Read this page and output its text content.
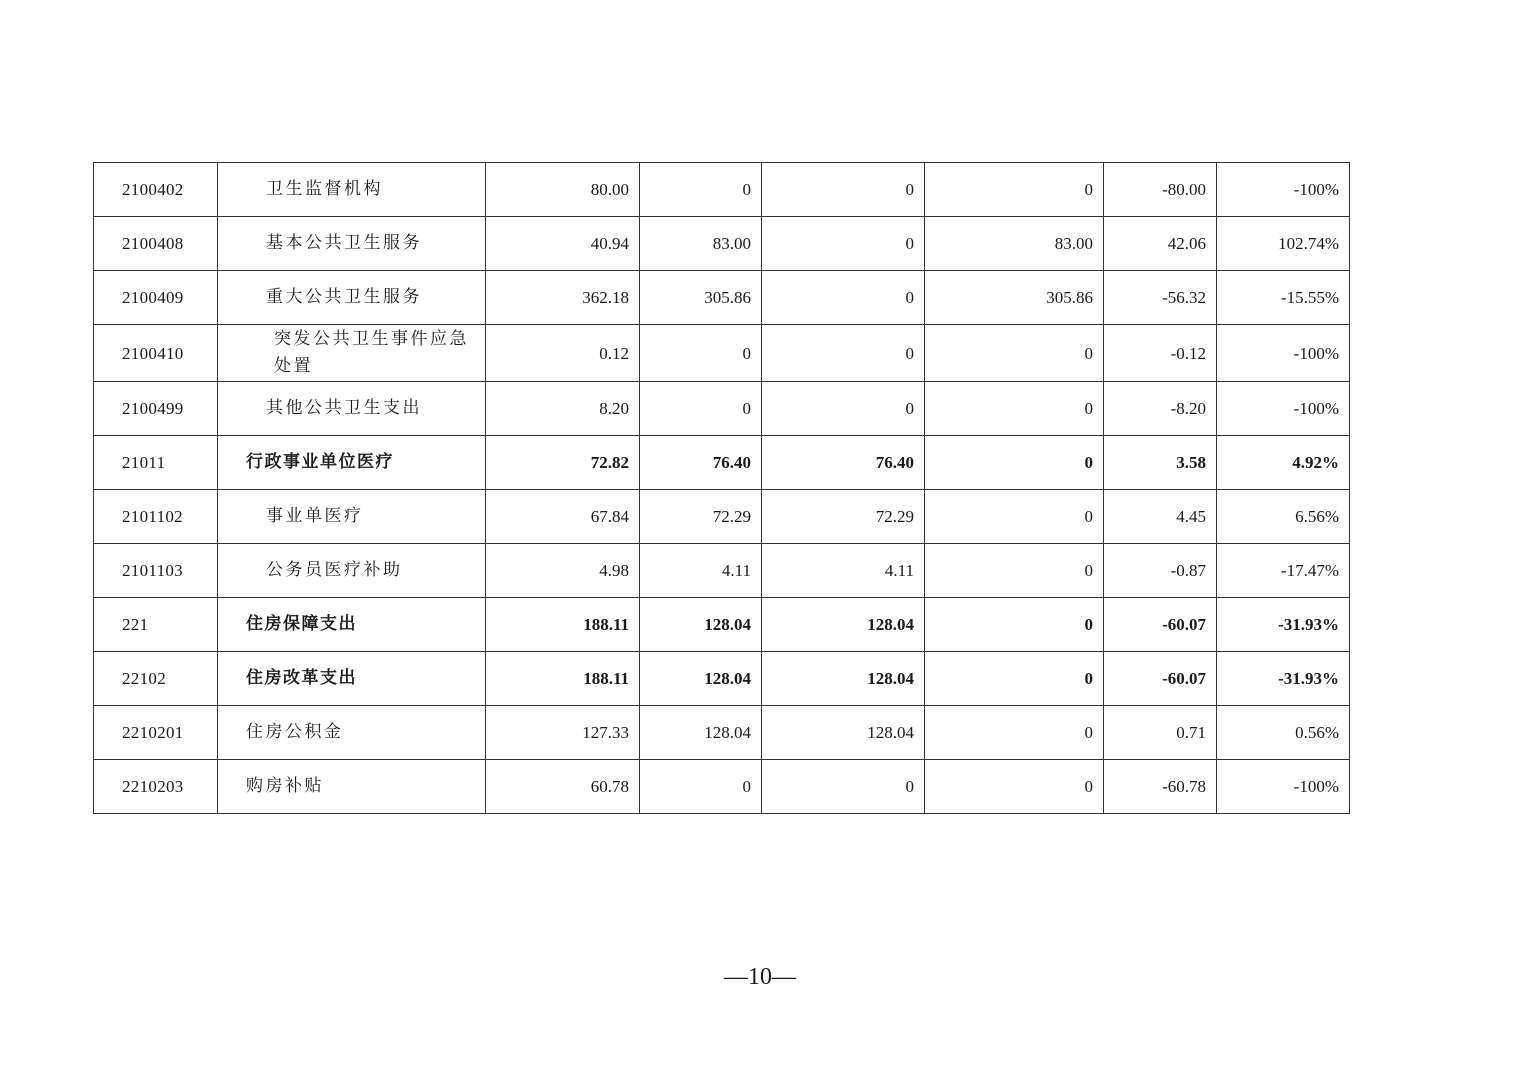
2100402	卫生监督机构	80.00	0	0	0	-80.00	-100%
2100408	基本公共卫生服务	40.94	83.00	0	83.00	42.06	102.74%
2100409	重大公共卫生服务	362.18	305.86	0	305.86	-56.32	-15.55%
2100410	突发公共卫生事件应急处置	0.12	0	0	0	-0.12	-100%
2100499	其他公共卫生支出	8.20	0	0	0	-8.20	-100%
21011	行政事业单位医疗	72.82	76.40	76.40	0	3.58	4.92%
2101102	事业单医疗	67.84	72.29	72.29	0	4.45	6.56%
2101103	公务员医疗补助	4.98	4.11	4.11	0	-0.87	-17.47%
221	住房保障支出	188.11	128.04	128.04	0	-60.07	-31.93%
22102	住房改革支出	188.11	128.04	128.04	0	-60.07	-31.93%
2210201	住房公积金	127.33	128.04	128.04	0	0.71	0.56%
2210203	购房补贴	60.78	0	0	0	-60.78	-100%
—10—
